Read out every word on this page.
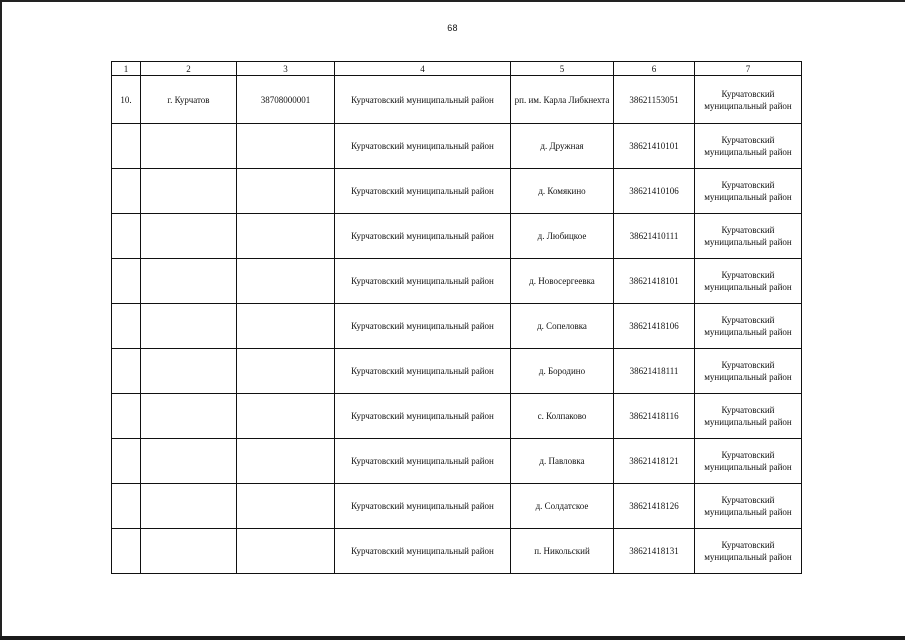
68
1	2	3	4	5	6	7
10.	г. Курчатов	38708000001	Курчатовский муниципальный район	рп. им. Карла Либкнехта	38621153051	Курчатовский муниципальный район
			Курчатовский муниципальный район	д. Дружная	38621410101	Курчатовский муниципальный район
			Курчатовский муниципальный район	д. Комякино	38621410106	Курчатовский муниципальный район
			Курчатовский муниципальный район	д. Любицкое	38621410111	Курчатовский муниципальный район
			Курчатовский муниципальный район	д. Новосергеевка	38621418101	Курчатовский муниципальный район
			Курчатовский муниципальный район	д. Сопеловка	38621418106	Курчатовский муниципальный район
			Курчатовский муниципальный район	д. Бородино	38621418111	Курчатовский муниципальный район
			Курчатовский муниципальный район	с. Колпаково	38621418116	Курчатовский муниципальный район
			Курчатовский муниципальный район	д. Павловка	38621418121	Курчатовский муниципальный район
			Курчатовский муниципальный район	д. Солдатское	38621418126	Курчатовский муниципальный район
			Курчатовский муниципальный район	п. Никольский	38621418131	Курчатовский муниципальный район
